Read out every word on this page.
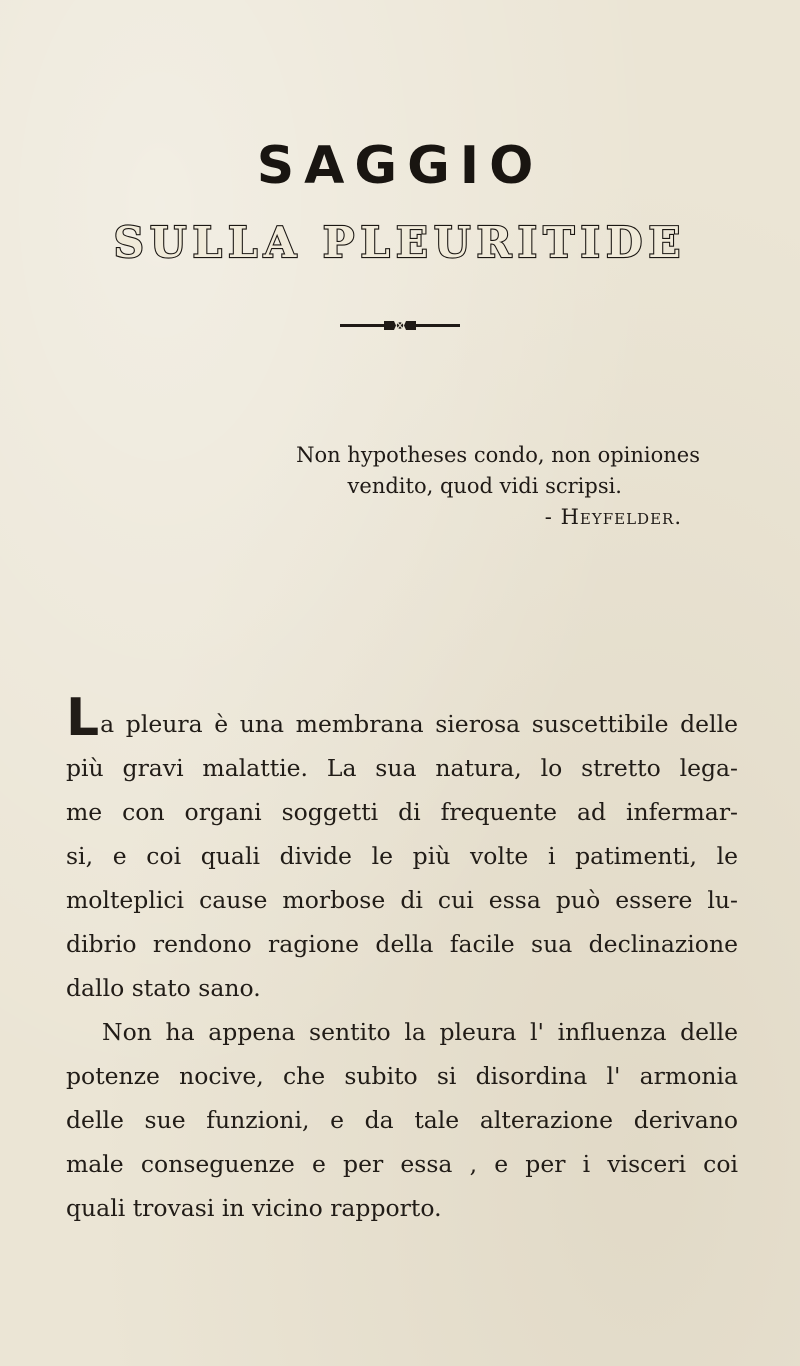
SAGGIO
SULLA PLEURITIDE
Non hypotheses condo, non opiniones
vendito, quod vidi scripsi.
- Heyfelder.

La pleura è una membrana sierosa suscettibile delle
più gravi malattie. La sua natura, lo stretto lega-
me con organi soggetti di frequente ad infermar-
si, e coi quali divide le più volte i patimenti, le
molteplici cause morbose di cui essa può essere lu-
dibrio rendono ragione della facile sua declinazione
dallo stato sano.

Non ha appena sentito la pleura l' influenza delle
potenze nocive, che subito si disordina l' armonia
delle sue funzioni, e da tale alterazione derivano
male conseguenze e per essa , e per i visceri coi
quali trovasi in vicino rapporto.
